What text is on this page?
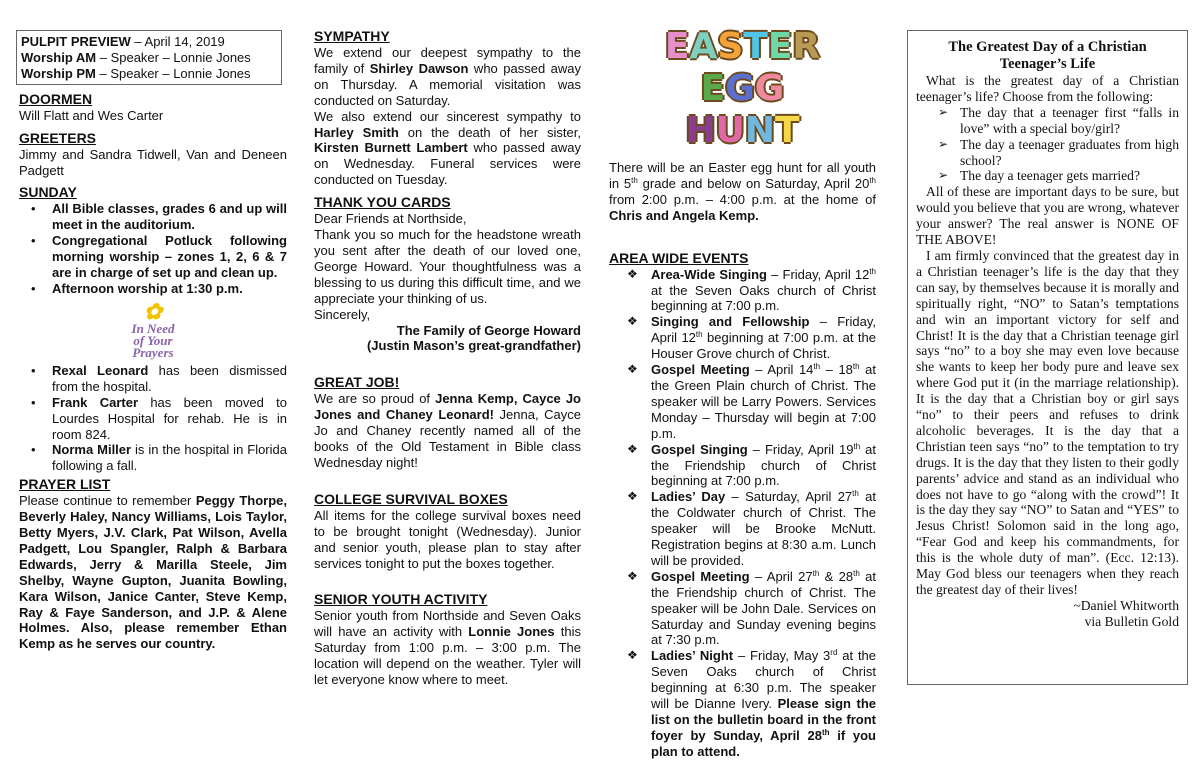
PULPIT PREVIEW – April 14, 2019
Worship AM – Speaker – Lonnie Jones
Worship PM – Speaker – Lonnie Jones
DOORMEN

Will Flatt and Wes Carter

GREETERS

Jimmy and Sandra Tidwell, Van and Deneen Padgett

SUNDAY
• All Bible classes, grades 6 and up will meet in the auditorium.
• Congregational Potluck following morning worship – zones 1, 2, 6 & 7 are in charge of set up and clean up.
• Afternoon worship at 1:30 p.m.
✿
In Need
of Your
Prayers
• Rexal Leonard has been dismissed from the hospital.
• Frank Carter has been moved to Lourdes Hospital for rehab. He is in room 824.
• Norma Miller is in the hospital in Florida following a fall.
PRAYER LIST

Please continue to remember Peggy Thorpe, Beverly Haley, Nancy Williams, Lois Taylor, Betty Myers, J.V. Clark, Pat Wilson, Avella Padgett, Lou Spangler, Ralph & Barbara Edwards, Jerry & Marilla Steele, Jim Shelby, Wayne Gupton, Juanita Bowling, Kara Wilson, Janice Canter, Steve Kemp, Ray & Faye Sanderson, and J.P. & Alene Holmes. Also, please remember Ethan Kemp as he serves our country.

SYMPATHY

We extend our deepest sympathy to the family of Shirley Dawson who passed away on Thursday. A memorial visitation was conducted on Saturday.

We also extend our sincerest sympathy to Harley Smith on the death of her sister, Kirsten Burnett Lambert who passed away on Wednesday. Funeral services were conducted on Tuesday.

THANK YOU CARDS

Dear Friends at Northside,

Thank you so much for the headstone wreath you sent after the death of our loved one, George Howard. Your thoughtfulness was a blessing to us during this difficult time, and we appreciate your thinking of us.

Sincerely,

The Family of George Howard

(Justin Mason’s great-grandfather)

GREAT JOB!

We are so proud of Jenna Kemp, Cayce Jo Jones and Chaney Leonard! Jenna, Cayce Jo and Chaney recently named all of the books of the Old Testament in Bible class Wednesday night!

COLLEGE SURVIVAL BOXES

All items for the college survival boxes need to be brought tonight (Wednesday). Junior and senior youth, please plan to stay after services tonight to put the boxes together.

SENIOR YOUTH ACTIVITY

Senior youth from Northside and Seven Oaks will have an activity with Lonnie Jones this Saturday from 1:00 p.m. – 3:00 p.m. The location will depend on the weather. Tyler will let everyone know where to meet.

EASTER
EGG HUNT

There will be an Easter egg hunt for all youth in 5th grade and below on Saturday, April 20th from 2:00 p.m. – 4:00 p.m. at the home of Chris and Angela Kemp.

AREA WIDE EVENTS
❖ Area-Wide Singing – Friday, April 12th at the Seven Oaks church of Christ beginning at 7:00 p.m.
❖ Singing and Fellowship – Friday, April 12th beginning at 7:00 p.m. at the Houser Grove church of Christ.
❖ Gospel Meeting – April 14th – 18th at the Green Plain church of Christ. The speaker will be Larry Powers. Services Monday – Thursday will begin at 7:00 p.m.
❖ Gospel Singing – Friday, April 19th at the Friendship church of Christ beginning at 7:00 p.m.
❖ Ladies’ Day – Saturday, April 27th at the Coldwater church of Christ. The speaker will be Brooke McNutt. Registration begins at 8:30 a.m. Lunch will be provided.
❖ Gospel Meeting – April 27th & 28th at the Friendship church of Christ. The speaker will be John Dale. Services on Saturday and Sunday evening begins at 7:30 p.m.
❖ Ladies’ Night – Friday, May 3rd at the Seven Oaks church of Christ beginning at 6:30 p.m. The speaker will be Dianne Ivery. Please sign the list on the bulletin board in the front foyer by Sunday, April 28th if you plan to attend.
The Greatest Day of a Christian Teenager’s Life

What is the greatest day of a Christian teenager’s life? Choose from the following:

➢ The day that a teenager first “falls in love” with a special boy/girl?
➢ The day a teenager graduates from high school?
➢ The day a teenager gets married?

All of these are important days to be sure, but would you believe that you are wrong, whatever your answer? The real answer is NONE OF THE ABOVE!

I am firmly convinced that the greatest day in a Christian teenager’s life is the day that they can say, by themselves because it is morally and spiritually right, “NO” to Satan’s temptations and win an important victory for self and Christ! It is the day that a Christian teenage girl says “no” to a boy she may even love because she wants to keep her body pure and leave sex where God put it (in the marriage relationship). It is the day that a Christian boy or girl says “no” to their peers and refuses to drink alcoholic beverages. It is the day that a Christian teen says “no” to the temptation to try drugs. It is the day that they listen to their godly parents’ advice and stand as an individual who does not have to go “along with the crowd”! It is the day they say “NO” to Satan and “YES” to Jesus Christ! Solomon said in the long ago, “Fear God and keep his commandments, for this is the whole duty of man”. (Ecc. 12:13). May God bless our teenagers when they reach the greatest day of their lives!

~Daniel Whitworth

via Bulletin Gold
